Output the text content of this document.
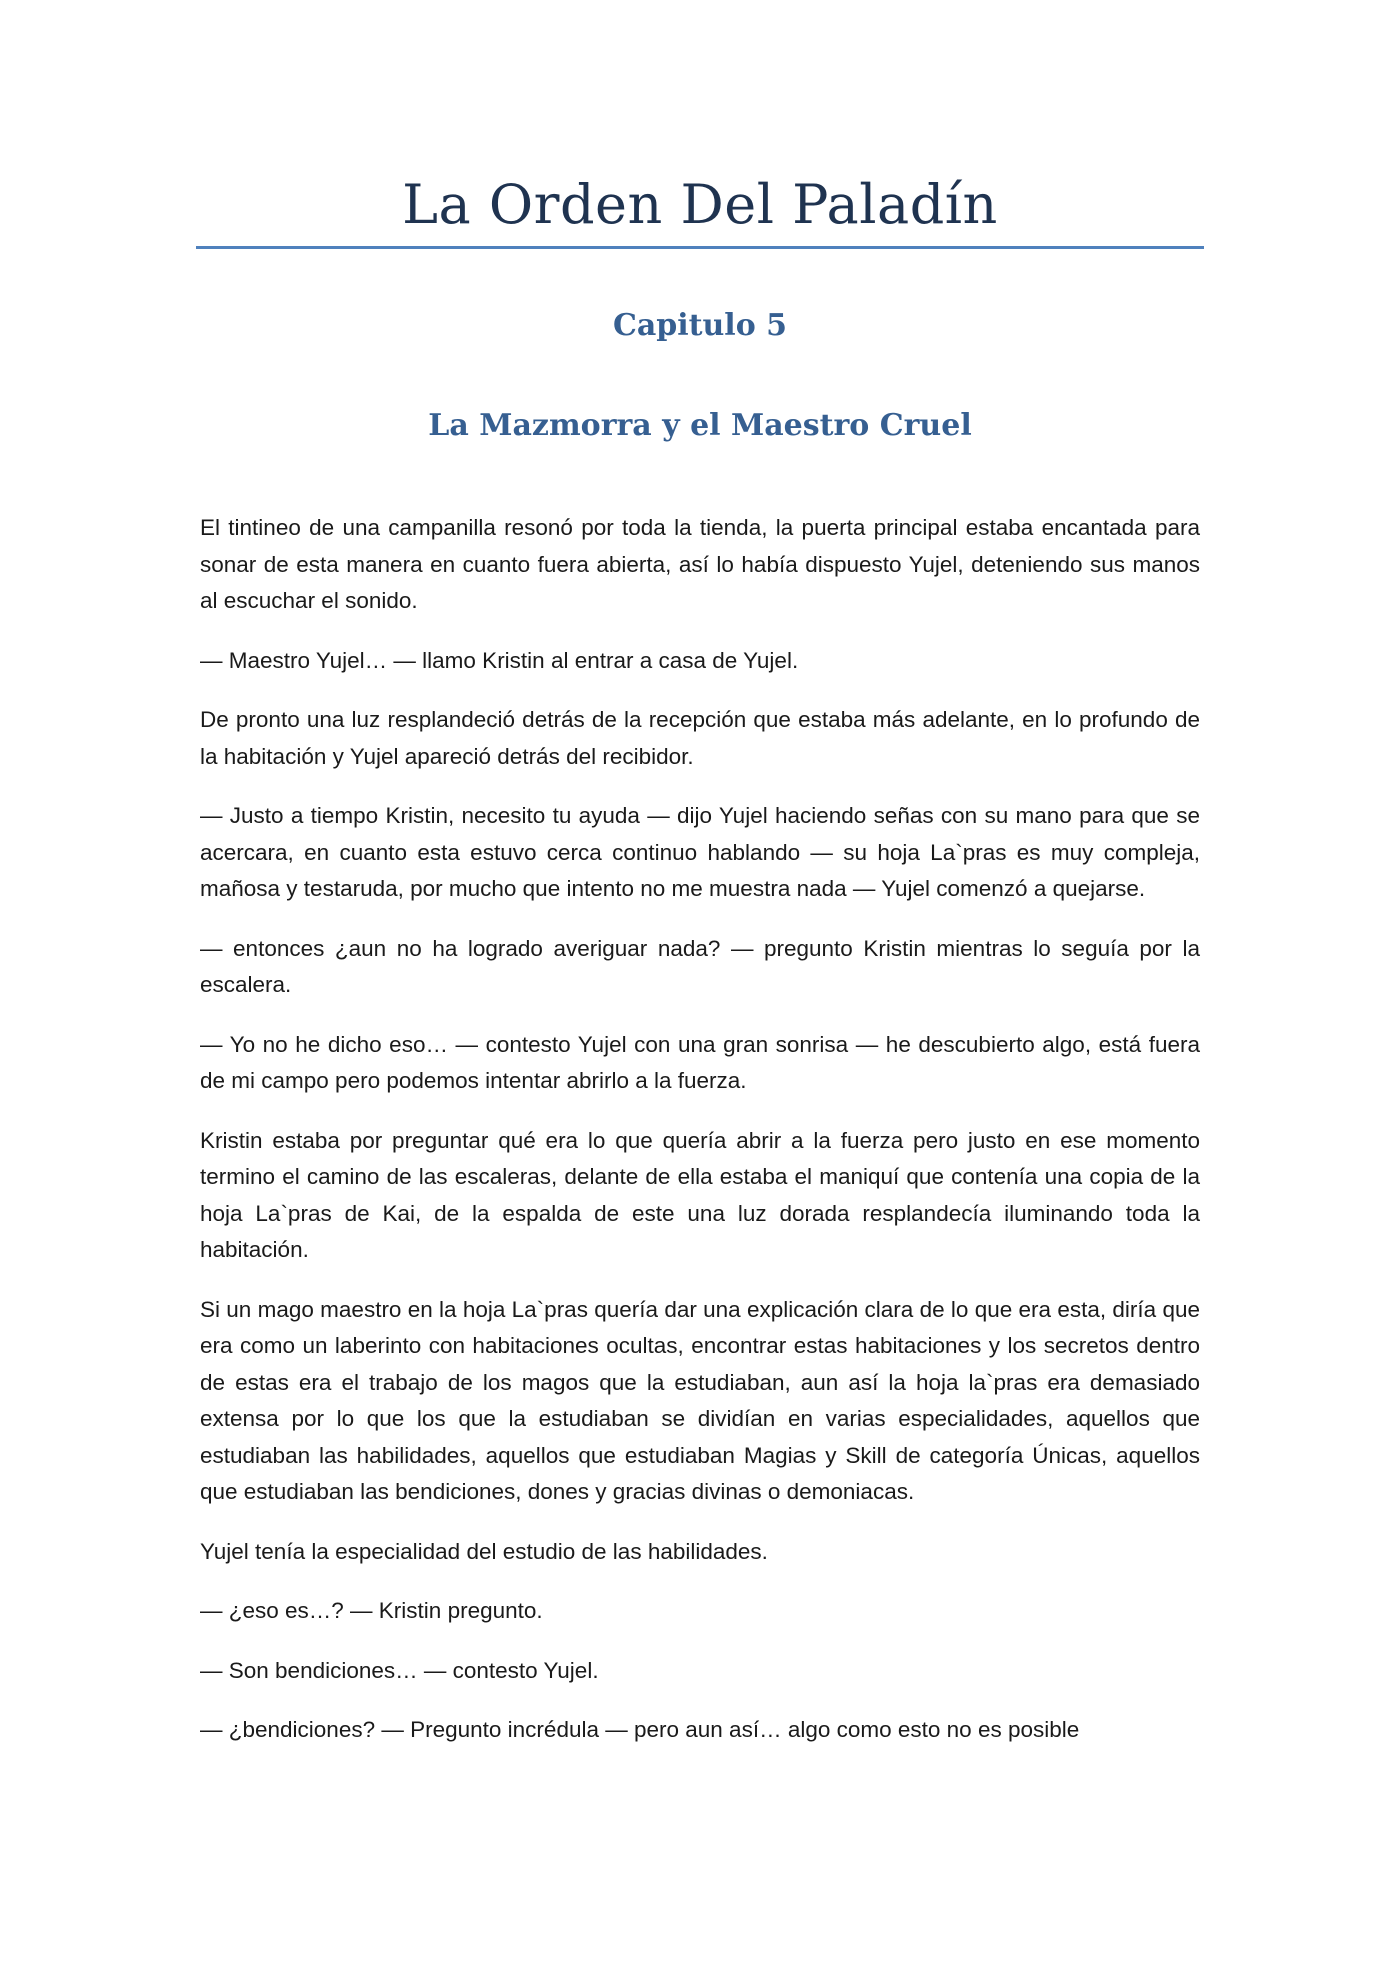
La Orden Del Paladín
Capitulo 5
La Mazmorra y el Maestro Cruel

El tintineo de una campanilla resonó por toda la tienda, la puerta principal estaba encantada para sonar de esta manera en cuanto fuera abierta, así lo había dispuesto Yujel, deteniendo sus manos al escuchar el sonido.

— Maestro Yujel… — llamo Kristin al entrar a casa de Yujel.

De pronto una luz resplandeció detrás de la recepción que estaba más adelante, en lo profundo de la habitación y Yujel apareció detrás del recibidor.

— Justo a tiempo Kristin, necesito tu ayuda — dijo Yujel haciendo señas con su mano para que se acercara, en cuanto esta estuvo cerca continuo hablando — su hoja La`pras es muy compleja, mañosa y testaruda, por mucho que intento no me muestra nada — Yujel comenzó a quejarse.

— entonces ¿aun no ha logrado averiguar nada? — pregunto Kristin mientras lo seguía por la escalera.

— Yo no he dicho eso… — contesto Yujel con una gran sonrisa — he descubierto algo, está fuera de mi campo pero podemos intentar abrirlo a la fuerza.

Kristin estaba por preguntar qué era lo que quería abrir a la fuerza pero justo en ese momento termino el camino de las escaleras, delante de ella estaba el maniquí que contenía una copia de la hoja La`pras de Kai, de la espalda de este una luz dorada resplandecía iluminando toda la habitación.

Si un mago maestro en la hoja La`pras quería dar una explicación clara de lo que era esta, diría que era como un laberinto con habitaciones ocultas, encontrar estas habitaciones y los secretos dentro de estas era el trabajo de los magos que la estudiaban, aun así la hoja la`pras era demasiado extensa por lo que los que la estudiaban se dividían en varias especialidades, aquellos que estudiaban las habilidades, aquellos que estudiaban Magias y Skill de categoría Únicas, aquellos que estudiaban las bendiciones, dones y gracias divinas o demoniacas.

Yujel tenía la especialidad del estudio de las habilidades.

— ¿eso es…? — Kristin pregunto.

— Son bendiciones… — contesto Yujel.

— ¿bendiciones? — Pregunto incrédula — pero aun así… algo como esto no es posible
